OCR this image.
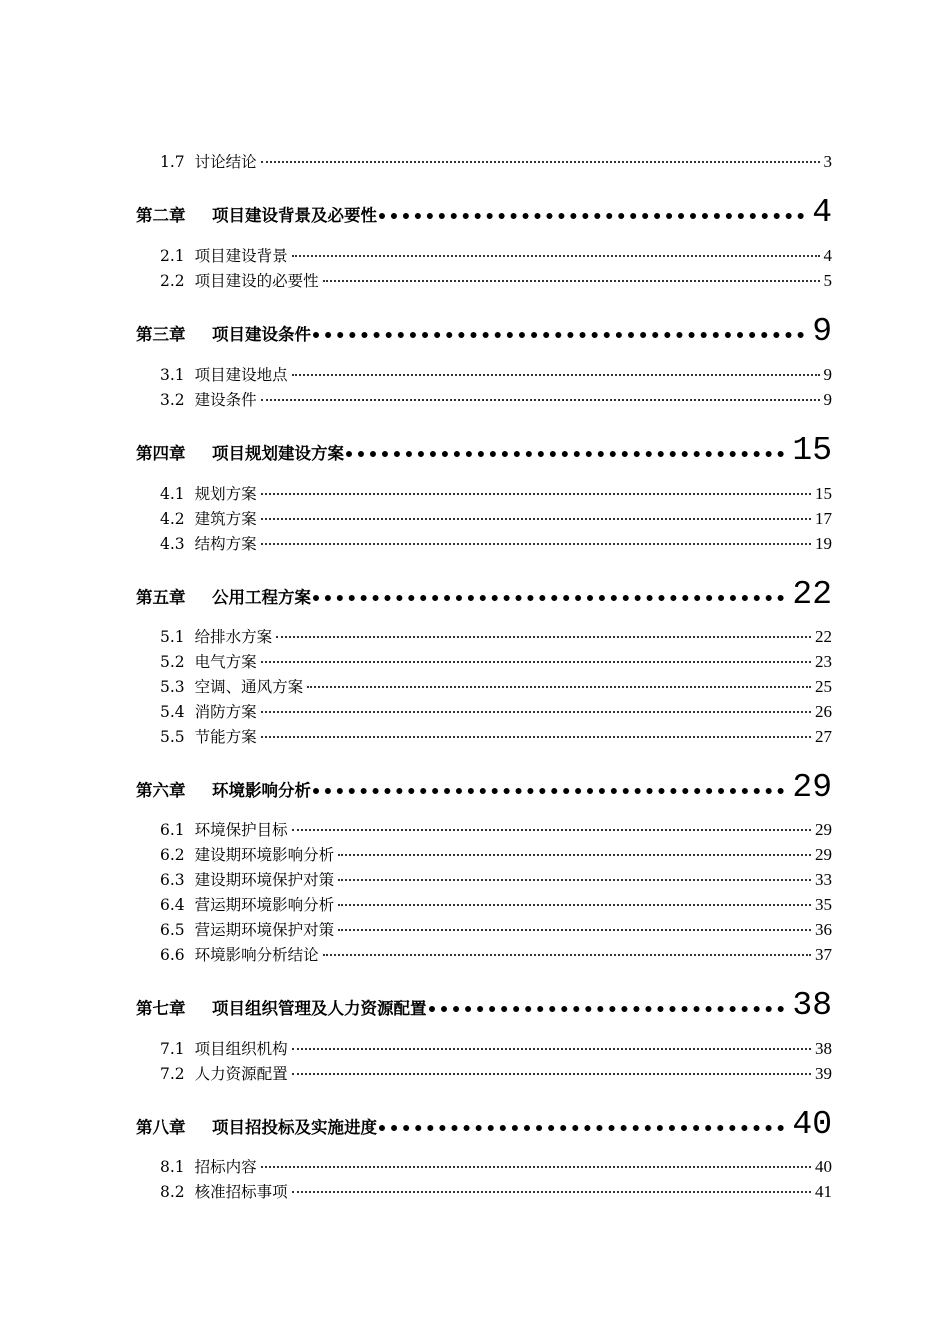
1.7 讨论结论	3
第二章	项目建设背景及必要性	4
2.1 项目建设背景	4
2.2 项目建设的必要性	5
第三章	项目建设条件	9
3.1 项目建设地点	9
3.2 建设条件	9
第四章	项目规划建设方案	15
4.1 规划方案	15
4.2 建筑方案	17
4.3 结构方案	19
第五章	公用工程方案	22
5.1 给排水方案	22
5.2 电气方案	23
5.3 空调、通风方案	25
5.4 消防方案	26
5.5 节能方案	27
第六章	环境影响分析	29
6.1 环境保护目标	29
6.2 建设期环境影响分析	29
6.3 建设期环境保护对策	33
6.4 营运期环境影响分析	35
6.5 营运期环境保护对策	36
6.6 环境影响分析结论	37
第七章	项目组织管理及人力资源配置	38
7.1 项目组织机构	38
7.2 人力资源配置	39
第八章	项目招投标及实施进度	40
8.1 招标内容	40
8.2 核准招标事项	41
